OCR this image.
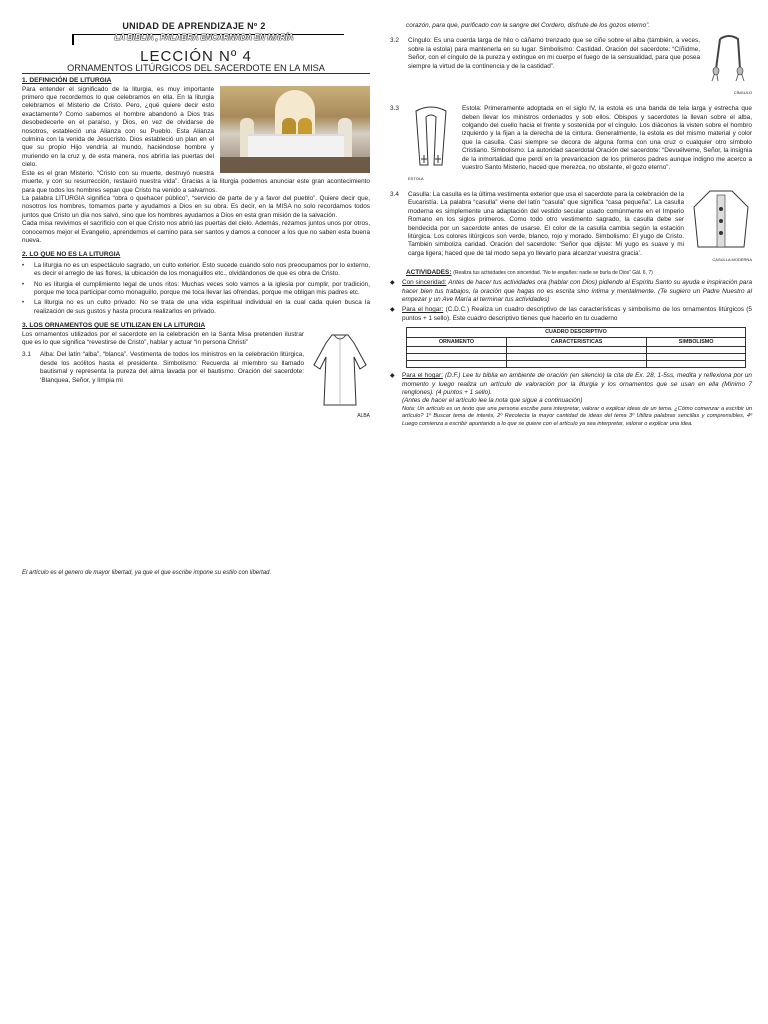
UNIDAD DE APRENDIZAJE Nº 2
LA BIBLIA , PALABRA ENCARNADA EN MARÍA
LECCIÓN Nº 4
ORNAMENTOS LITÚRGICOS DEL SACERDOTE EN LA MISA
1. DEFINICIÓN DE LITURGIA

Para entender el significado de la liturgia, es muy importante primero que recordemos lo que celebramos en ella. En la liturgia celebramos el Misterio de Cristo. Pero, ¿qué quiere decir esto exactamente? Como sabemos el hombre abandonó a Dios tras desobedecerle en el paraíso, y Dios, en vez de olvidarse de nosotros, estableció una Alianza con su Pueblo. Esta Alianza culmina con la venida de Jesucristo. Dios estableció un plan en el que su propio Hijo vendría al mundo, haciéndose hombre y muriendo en la cruz y, de esta manera, nos abriría las puertas del cielo.

Este es el gran Misterio. “Cristo con su muerte, destruyó nuestra muerte, y con su resurrección, restauró nuestra vida”. Gracias a la liturgia podemos anunciar este gran acontecimiento para que todos los hombres sepan que Cristo ha venido a salvarnos.

La palabra LITURGIA significa “obra o quehacer público”, “servicio de parte de y a favor del pueblo”. Quiere decir que, nosotros los hombres, tomamos parte y ayudamos a Dios en su obra. Es decir, en la MISA no solo recordamos todos juntos que Cristo un día nos salvó, sino que los hombres ayudamos a Dios en esta gran misión de la salvación.

Cada misa revivimos el sacrificio con el que Cristo nos abrió las puertas del cielo. Además, rezamos juntos unos por otros, conocemos mejor el Evangelio, aprendemos el camino para ser santos y damos a conocer a los que no saben esta buena nueva.

2. LO QUE NO ES LA LITURGIA
•	La liturgia no es un espectáculo sagrado, un culto exterior. Esto sucede cuando solo nos preocupamos por lo externo, es decir el arreglo de las flores, la ubicación de los monaguillos etc., olvidándonos de que es obra de Cristo.

•	No es liturgia el cumplimiento legal de unos ritos: Muchas veces solo vamos a la iglesia por cumplir, por tradición, porque me toca participar como monaguillo, porque me toca llevar las ofrendas, porque me obligan mis padres etc.

•	La liturgia no es un culto privado: No se trata de una vida espiritual individual en la cual cada quien busca la realización de sus gustos y hasta procura realizarlos en privado.

3. LOS ORNAMENTOS QUE SE UTILIZAN EN LA LITURGIA
ALBA

Los ornamentos utilizados por el sacerdote en la celebración en la Santa Misa pretenden ilustrar que es lo que significa “revestirse de Cristo”, hablar y actuar “in persona Christi”

3.1	Alba: Del latín “alba”, “blanca”. Vestimenta de todos los ministros en la celebración litúrgica, desde los acólitos hasta el presidente. Simbolismo: Recuerda al miembro su llamado bautismal y representa la pureza del alma lavada por el bautismo. Oración del sacerdote: ‘Blanquea, Señor, y límpia mi

El artículo es el genero de mayor libertad, ya que el que escribe impone su estilo con libertad.

corazón, para que, purificado con la sangre del Cordero, disfrute de los gozos eterno”.

CÍNGULO
3.2	Cíngulo: Es una cuerda larga de hilo o cáñamo trenzado que se ciñe sobre el alba (también, a veces, sobre la estola) para mantenerla en su lugar. Simbolismo: Castidad. Oración del sacerdote: “Cíñidme, Señor, con el cíngulo de la pureza y extingue en mi cuerpo el fuego de la sensualidad, para que posea siempre la virtud de la continencia y de la castidad”.

3.3
ESTOLA

Estola: Primeramente adoptada en el siglo IV, la estola es una banda de tela larga y estrecha que deben llevar los ministros ordenados y sob ellos. Obispos y sacerdotes la llevan sobre el alba, colgando del cuello hacia el frente y sostenida por el cíngulo. Los diáconos la visten sobre el hombro izquierdo y la fijan a la derecha de la cintura. Generalmente, la estola es del mismo material y color que la casulla. Casi siempre se decora de alguna forma con una cruz o cualquier otro símbolo Cristiano. Simbolismo: La autoridad sacerdotal Oración del sacerdote: “Devuélveme, Señor, la insignia de la inmortalidad que perdí en la prevaricacion de los primeros padres aunque indigno me acerco a vuestro Santo Misterio, haced que merezca, no obstante, el gozo eterno”.

CASULLA MODERNA
3.4	Casulla: La casulla es la última vestimenta exterior que usa el sacerdote para la celebración de la Eucaristía. La palabra “casulla” viene del latín “casula” que significa “casa pequeña”. La casulla moderna es simplemente una adaptación del vestido secular usado comúnmente en el Imperio Romano en los siglos primeros. Como todo otro vestimento sagrado, la casulla debe ser bendecida por un sacerdote antes de usarse. El color de la casulla cambia según la estación litúrgica. Los colores litúrgicos son verde, blanco, rojo y morado. Simbolismo: El yugo de Cristo. También simboliza caridad. Oración del sacerdote: ‘Señor que dijiste: Mi yugo es suave y mi carga ligera; haced que de tal modo sepa yo llevarlo para alcanzar vuestra gracia’.

ACTIVIDADES: (Realiza tus actividades con sinceridad. “No te engañes: nadie se burla de Dios” Gál. 6, 7)
◆	Con sinceridad: Antes de hacer tus actividades ora (hablar con Dios) pidiendo al Espíritu Santo su ayuda e inspiración para hacer bien tus trabajos, la oración que hagas no es escrita sino íntima y mentalmente. (Te sugiero un Padre Nuestro al empezar y un Ave María al terminar tus actividades)

◆	Para el hogar: (C.D.C.) Realiza un cuadro descriptivo de las características y simbolismo de los ornamentos litúrgicos (5 puntos + 1 sello). Este cuadro descriptivo tienes que hacerlo en tu cuaderno

CUADRO DESCRIPTIVO		
ORNAMENTO	CARACTERISTICAS	SIMBOLISMO

◆	Para el hogar: (D.F.) Lee tu biblia en ambiente de oración (en silencio) la cita de Ex. 28, 1-5ss, medita y reflexiona por un momento y luego realiza un artículo de valoración por la liturgia y los ornamentos que se usan en ella (Mínimo 7 renglones). (4 puntos + 1 sello).

(Antes de hacer el artículo lee la nota que sigue a continuación)

Nota: Un artículo es un texto que una persona escribe para interpretar, valorar o explicar ideas de un tema. ¿Cómo comenzar a escribir un artículo? 1º Buscar tema de interés, 2º Recolecta la mayor cantidad de ideas del tema 3º Utiliza palabras sencillas y comprensibles, 4º Luego comienza a escribir apuntando a lo que se quiere con el artículo ya sea interpretar, valorar o explicar una idea.
